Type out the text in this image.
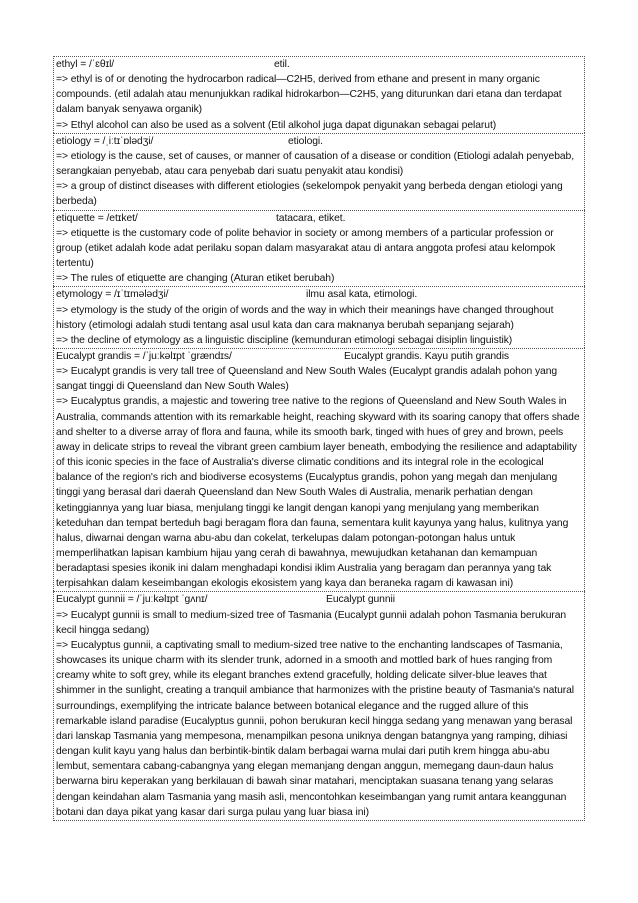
ethyl = /ˈɛθɪl/	etil.

=> ethyl is of or denoting the hydrocarbon radical—C2H5, derived from ethane and present in many organic compounds. (etil adalah atau menunjukkan radikal hidrokarbon—C2H5, yang diturunkan dari etana dan terdapat dalam banyak senyawa organik)

=> Ethyl alcohol can also be used as a solvent (Etil alkohol juga dapat digunakan sebagai pelarut)

etiology = /ˌiːtɪˈɒlədʒi/	etiologi.

=> etiology is the cause, set of causes, or manner of causation of a disease or condition (Etiologi adalah penyebab, serangkaian penyebab, atau cara penyebab dari suatu penyakit atau kondisi)

=> a group of distinct diseases with different etiologies (sekelompok penyakit yang berbeda dengan etiologi yang berbeda)

etiquette = /etɪket/	tatacara, etiket.

=> etiquette is the customary code of polite behavior in society or among members of a particular profession or group (etiket adalah kode adat perilaku sopan dalam masyarakat atau di antara anggota profesi atau kelompok tertentu)

=> The rules of etiquette are changing (Aturan etiket berubah)

etymology = /ɪˈtɪmələdʒi/	ilmu asal kata, etimologi.

=> etymology is the study of the origin of words and the way in which their meanings have changed throughout history (etimologi adalah studi tentang asal usul kata dan cara maknanya berubah sepanjang sejarah)

=> the decline of etymology as a linguistic discipline (kemunduran etimologi sebagai disiplin linguistik)

Eucalypt grandis = /ˈjuːkəlɪpt ˈɡrændɪs/	Eucalypt grandis. Kayu putih grandis

=> Eucalypt grandis is very tall tree of Queensland and New South Wales (Eucalypt grandis adalah pohon yang sangat tinggi di Queensland dan New South Wales)

=> Eucalyptus grandis, a majestic and towering tree native to the regions of Queensland and New South Wales in Australia, commands attention with its remarkable height, reaching skyward with its soaring canopy that offers shade and shelter to a diverse array of flora and fauna, while its smooth bark, tinged with hues of grey and brown, peels away in delicate strips to reveal the vibrant green cambium layer beneath, embodying the resilience and adaptability of this iconic species in the face of Australia's diverse climatic conditions and its integral role in the ecological balance of the region's rich and biodiverse ecosystems (Eucalyptus grandis, pohon yang megah dan menjulang tinggi yang berasal dari daerah Queensland dan New South Wales di Australia, menarik perhatian dengan ketinggiannya yang luar biasa, menjulang tinggi ke langit dengan kanopi yang menjulang yang memberikan keteduhan dan tempat berteduh bagi beragam flora dan fauna, sementara kulit kayunya yang halus, kulitnya yang halus, diwarnai dengan warna abu-abu dan cokelat, terkelupas dalam potongan-potongan halus untuk memperlihatkan lapisan kambium hijau yang cerah di bawahnya, mewujudkan ketahanan dan kemampuan beradaptasi spesies ikonik ini dalam menghadapi kondisi iklim Australia yang beragam dan perannya yang tak terpisahkan dalam keseimbangan ekologis ekosistem yang kaya dan beraneka ragam di kawasan ini)

Eucalypt gunnii = /ˈjuːkəlɪpt ˈɡʌnɪ/	Eucalypt gunnii

=> Eucalypt gunnii is small to medium-sized tree of Tasmania (Eucalypt gunnii adalah pohon Tasmania berukuran kecil hingga sedang)

=> Eucalyptus gunnii, a captivating small to medium-sized tree native to the enchanting landscapes of Tasmania, showcases its unique charm with its slender trunk, adorned in a smooth and mottled bark of hues ranging from creamy white to soft grey, while its elegant branches extend gracefully, holding delicate silver-blue leaves that shimmer in the sunlight, creating a tranquil ambiance that harmonizes with the pristine beauty of Tasmania's natural surroundings, exemplifying the intricate balance between botanical elegance and the rugged allure of this remarkable island paradise (Eucalyptus gunnii, pohon berukuran kecil hingga sedang yang menawan yang berasal dari lanskap Tasmania yang mempesona, menampilkan pesona uniknya dengan batangnya yang ramping, dihiasi dengan kulit kayu yang halus dan berbintik-bintik dalam berbagai warna mulai dari putih krem hingga abu-abu lembut, sementara cabang-cabangnya yang elegan memanjang dengan anggun, memegang daun-daun halus berwarna biru keperakan yang berkilauan di bawah sinar matahari, menciptakan suasana tenang yang selaras dengan keindahan alam Tasmania yang masih asli, mencontohkan keseimbangan yang rumit antara keanggunan botani dan daya pikat yang kasar dari surga pulau yang luar biasa ini)
